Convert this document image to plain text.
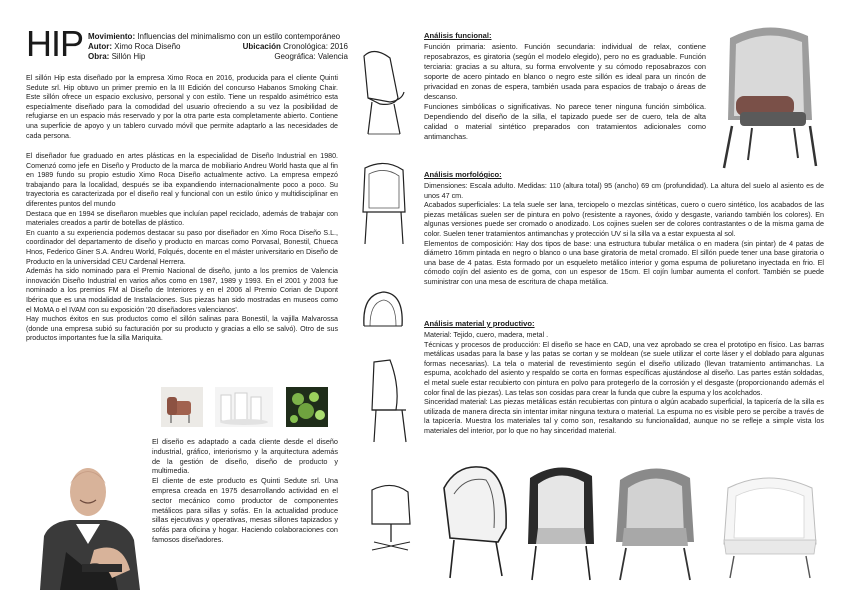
HIP Movimiento: Influencias del minimalismo con un estilo contemporáneo
Autor: Ximo Roca Diseño	Ubicación Cronológica: 2016
Obra: Sillón Hip	Geográfica: Valencia
El sillón Hip esta diseñado por la empresa Ximo Roca en 2016, producida para el cliente Quinti Sedute srl. Hip obtuvo un primer premio en la III Edición del concurso Habanos Smoking Chair. Este sillón ofrece un espacio exclusivo, personal y con estilo. Tiene un respaldo asimétrico esta especialmente diseñado para la comodidad del usuario ofreciendo a su vez la posibilidad de refugiarse en un espacio más reservado y por la otra parte esta completamente abierto. Contiene una superficie de apoyo y un tablero curvado móvil que permite adaptarlo a las necesidades de cada persona.

El diseñador fue graduado en artes plásticas en la especialidad de Diseño Industrial en 1980. Comenzó como jefe en Diseño y Producto de la marca de mobiliario Andreu World hasta que al fin en 1989 fundo su propio estudio Ximo Roca Diseño actualmente activo. La empresa empezó trabajando para la localidad, después se iba expandiendo internacionalmente poco a poco. Su trayectoria es caracterizada por el diseño real y funcional con un estilo único y multidisciplinar en diferentes puntos del mundo

Destaca que en 1994 se diseñaron muebles que incluían papel reciclado, además de trabajar con materiales creados a partir de botellas de plástico.

En cuanto a su experiencia podemos destacar su paso por diseñador en Ximo Roca Diseño S.L., coordinador del departamento de diseño y producto en marcas como Porvasal, Bonestil, Chueca Hnos, Federico Giner S.A. Andreu World, Folqués, docente en el máster universitario en Diseño de Producto en la universidad CEU Cardenal Herrera.

Además ha sido nominado para el Premio Nacional de diseño, junto a los premios de Valencia innovación Diseño Industrial en varios años como en 1987, 1989 y 1993. En el 2001 y 2003 fue nominado a los premios FM al Diseño de Interiores y en el 2006 al Premio Corian de Dupont Ibérica que es una modalidad de Instalaciones. Sus piezas han sido mostradas en museos como el MoMA o el IVAM con su exposición '20 diseñadores valencianos'.

Hay muchos éxitos en sus productos como el sillón salinas para Bonestil, la vajilla Malvarossa (donde una empresa subió su facturación por su producto y gracias a ello se salvó). Otro de sus productos importantes fue la silla Mariquita.

El diseño es adaptado a cada cliente desde el diseño industrial, gráfico, interiorismo y la arquitectura además de la gestión de diseño, diseño de producto y multimedia.

El cliente de este producto es Quinti Sedute srl. Una empresa creada en 1975 desarrollando actividad en el sector mecánico como productor de componentes metálicos para sillas y sofás. En la actualidad produce sillas ejecutivas y operativas, mesas sillones tapizados y sofás para oficina y hogar. Haciendo colaboraciones con famosos diseñadores.

Análisis funcional:

Función primaria: asiento. Función secundaria: individual de relax, contiene reposabrazos, es giratoria (según el modelo elegido), pero no es graduable. Función terciaria: gracias a su altura, su forma envolvente y su cómodo reposabrazos con soporte de acero pintado en blanco o negro este sillón es ideal para un rincón de privacidad en zonas de espera, también usada para espacios de trabajo o áreas de descanso.

Funciones simbólicas o significativas. No parece tener ninguna función simbólica. Dependiendo del diseño de la silla, el tapizado puede ser de cuero, tela de alta calidad o material sintético preparados con tratamientos adicionales como antimanchas.

Análisis morfológico:

Dimensiones: Escala adulto. Medidas: 110 (altura total) 95 (ancho) 69 cm (profundidad). La altura del suelo al asiento es de unos 47 cm.

Acabados superficiales: La tela suele ser lana, terciopelo o mezclas sintéticas, cuero o cuero sintético, los acabados de las piezas metálicas suelen ser de pintura en polvo (resistente a rayones, óxido y desgaste, variando también los colores). En algunas versiones puede ser cromado o anodizado. Los cojines suelen ser de colores contrastantes o de la misma gama de color. Suelen tener tratamientos antimanchas y protección UV si la silla va a estar expuesta al sol.

Elementos de composición: Hay dos tipos de base: una estructura tubular metálica o en madera (sin pintar) de 4 patas de diámetro 16mm pintada en negro o blanco o una base giratoria de metal cromado. El sillón puede tener una base giratoria o una base de 4 patas. Esta formado por un esqueleto metálico interior y goma espuma de poliuretano inyectada en frio. El cómodo cojín del asiento es de goma, con un espesor de 15cm. El cojín lumbar aumenta el confort. También se puede suministrar con una mesa de escritura de chapa metálica.

Análisis material y productivo:

Material: Tejido, cuero, madera, metal .

Técnicas y procesos de producción: El diseño se hace en CAD, una vez aprobado se crea el prototipo en físico. Las barras metálicas usadas para la base y las patas se cortan y se moldean (se suele utilizar el corte láser y el doblado para algunas formas necesarias). La tela o material de revestimiento según el diseño utilizado (llevan tratamiento antimanchas. La espuma, acolchado del asiento y respaldo se corta en formas específicas ajustándose al diseño. Las partes están soldadas, el metal suele estar recubierto con pintura en polvo para protegerlo de la corrosión y el desgaste (proporcionando además el color final de las piezas). Las telas son cosidas para crear la funda que cubre la espuma y los acolchados.

Sinceridad material: Las piezas metálicas están recubiertas con pintura o algún acabado superficial, la tapicería de la silla es utilizada de manera directa sin intentar imitar ninguna textura o material. La espuma no es visible pero se percibe a través de la tapicería. Muestra los materiales tal y como son, resaltando su funcionalidad, aunque no se refleje a simple vista los materiales del interior, por lo que no hay sinceridad material.
